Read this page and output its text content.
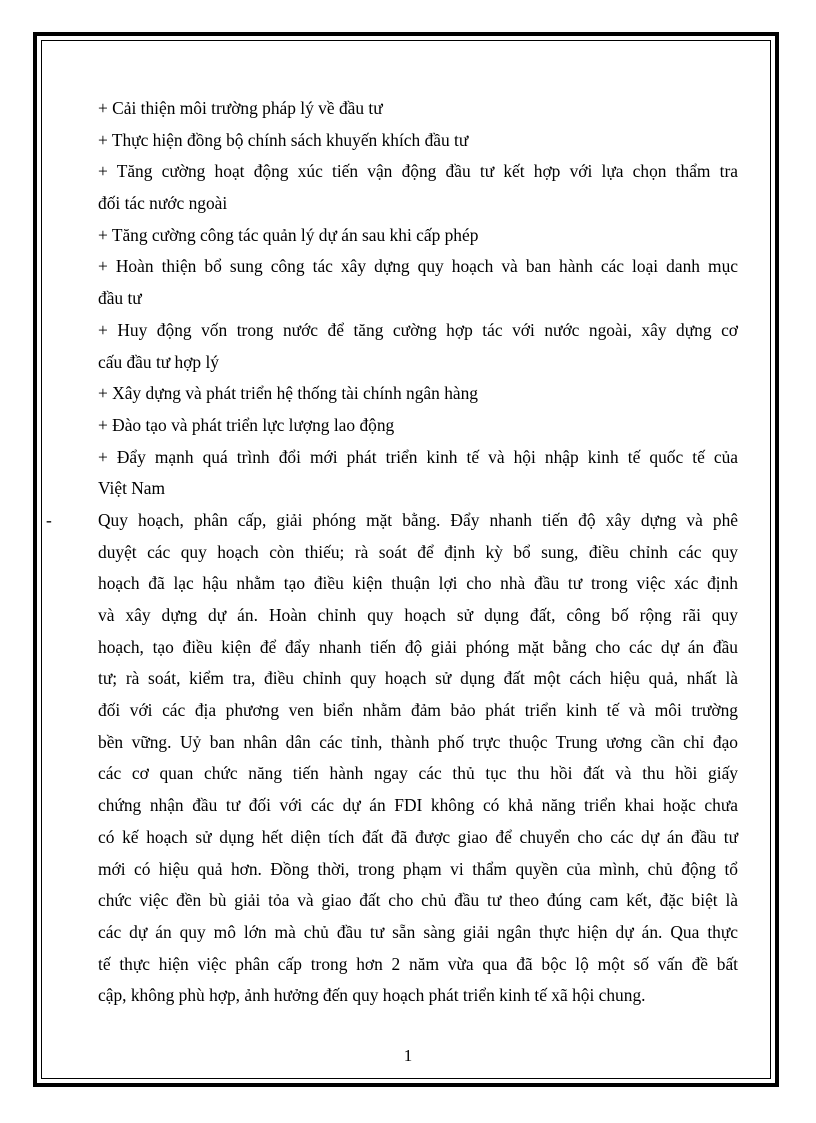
+ Cải thiện môi trường pháp lý về đầu tư
+ Thực hiện đồng bộ chính sách khuyến khích đầu tư
+ Tăng cường hoạt động xúc tiến vận động đầu tư kết hợp với lựa chọn thẩm tra
đối tác nước ngoài
+ Tăng cường công tác quản lý dự án sau khi cấp phép
+ Hoàn thiện bổ sung công tác xây dựng quy hoạch và ban hành các loại danh mục
đầu tư
+ Huy động vốn trong nước để tăng cường hợp tác với nước ngoài, xây dựng cơ
cấu đầu tư hợp lý
+ Xây dựng và phát triển hệ thống tài chính ngân hàng
+ Đào tạo và phát triển lực lượng lao động
+ Đẩy mạnh quá trình đổi mới phát triển kinh tế và hội nhập kinh tế quốc tế của
Việt Nam
-	Quy hoạch, phân cấp, giải phóng mặt bằng. Đẩy nhanh tiến độ xây dựng và phê
duyệt các quy hoạch còn thiếu; rà soát để định kỳ bổ sung, điều chỉnh các quy
hoạch đã lạc hậu nhằm tạo điều kiện thuận lợi cho nhà đầu tư trong việc xác định
và xây dựng dự án. Hoàn chỉnh quy hoạch sử dụng đất, công bố rộng rãi quy
hoạch, tạo điều kiện để đẩy nhanh tiến độ giải phóng mặt bằng cho các dự án đầu
tư; rà soát, kiểm tra, điều chỉnh quy hoạch sử dụng đất một cách hiệu quả, nhất là
đối với các địa phương ven biển nhằm đảm bảo phát triển kinh tế và môi trường
bền vững. Uỷ ban nhân dân các tỉnh, thành phố trực thuộc Trung ương cần chỉ đạo
các cơ quan chức năng tiến hành ngay các thủ tục thu hồi đất và thu hồi giấy
chứng nhận đầu tư đối với các dự án FDI không có khả năng triển khai hoặc chưa
có kế hoạch sử dụng hết diện tích đất đã được giao để chuyển cho các dự án đầu tư
mới có hiệu quả hơn. Đồng thời, trong phạm vi thẩm quyền của mình, chủ động tổ
chức việc đền bù giải tỏa và giao đất cho chủ đầu tư theo đúng cam kết, đặc biệt là
các dự án quy mô lớn mà chủ đầu tư sẵn sàng giải ngân thực hiện dự án. Qua thực
tế thực hiện việc phân cấp trong hơn 2 năm vừa qua đã bộc lộ một số vấn đề bất
cập, không phù hợp, ảnh hưởng đến quy hoạch phát triển kinh tế xã hội chung.
1
